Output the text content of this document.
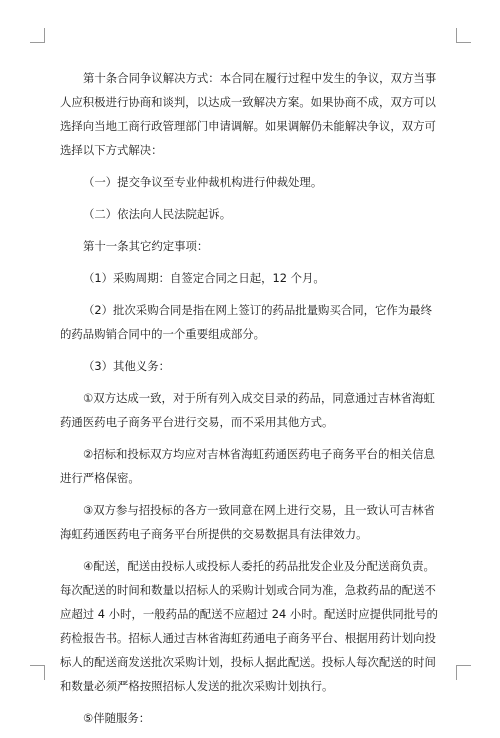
第十条合同争议解决方式：本合同在履行过程中发生的争议，双方当事人应积极进行协商和谈判，以达成一致解决方案。如果协商不成，双方可以选择向当地工商行政管理部门申请调解。如果调解仍未能解决争议，双方可选择以下方式解决：

（一）提交争议至专业仲裁机构进行仲裁处理。

（二）依法向人民法院起诉。

第十一条其它约定事项：

（1）采购周期：自签定合同之日起，12 个月。

（2）批次采购合同是指在网上签订的药品批量购买合同，它作为最终的药品购销合同中的一个重要组成部分。

（3）其他义务：

①双方达成一致，对于所有列入成交目录的药品，同意通过吉林省海虹药通医药电子商务平台进行交易，而不采用其他方式。

②招标和投标双方均应对吉林省海虹药通医药电子商务平台的相关信息进行严格保密。

③双方参与招投标的各方一致同意在网上进行交易，且一致认可吉林省海虹药通医药电子商务平台所提供的交易数据具有法律效力。

④配送，配送由投标人或投标人委托的药品批发企业及分配送商负责。每次配送的时间和数量以招标人的采购计划或合同为准，急救药品的配送不应超过 4 小时，一般药品的配送不应超过 24 小时。配送时应提供同批号的药检报告书。招标人通过吉林省海虹药通电子商务平台、根据用药计划向投标人的配送商发送批次采购计划，投标人据此配送。投标人每次配送的时间和数量必须严格按照招标人发送的批次采购计划执行。

⑤伴随服务：
